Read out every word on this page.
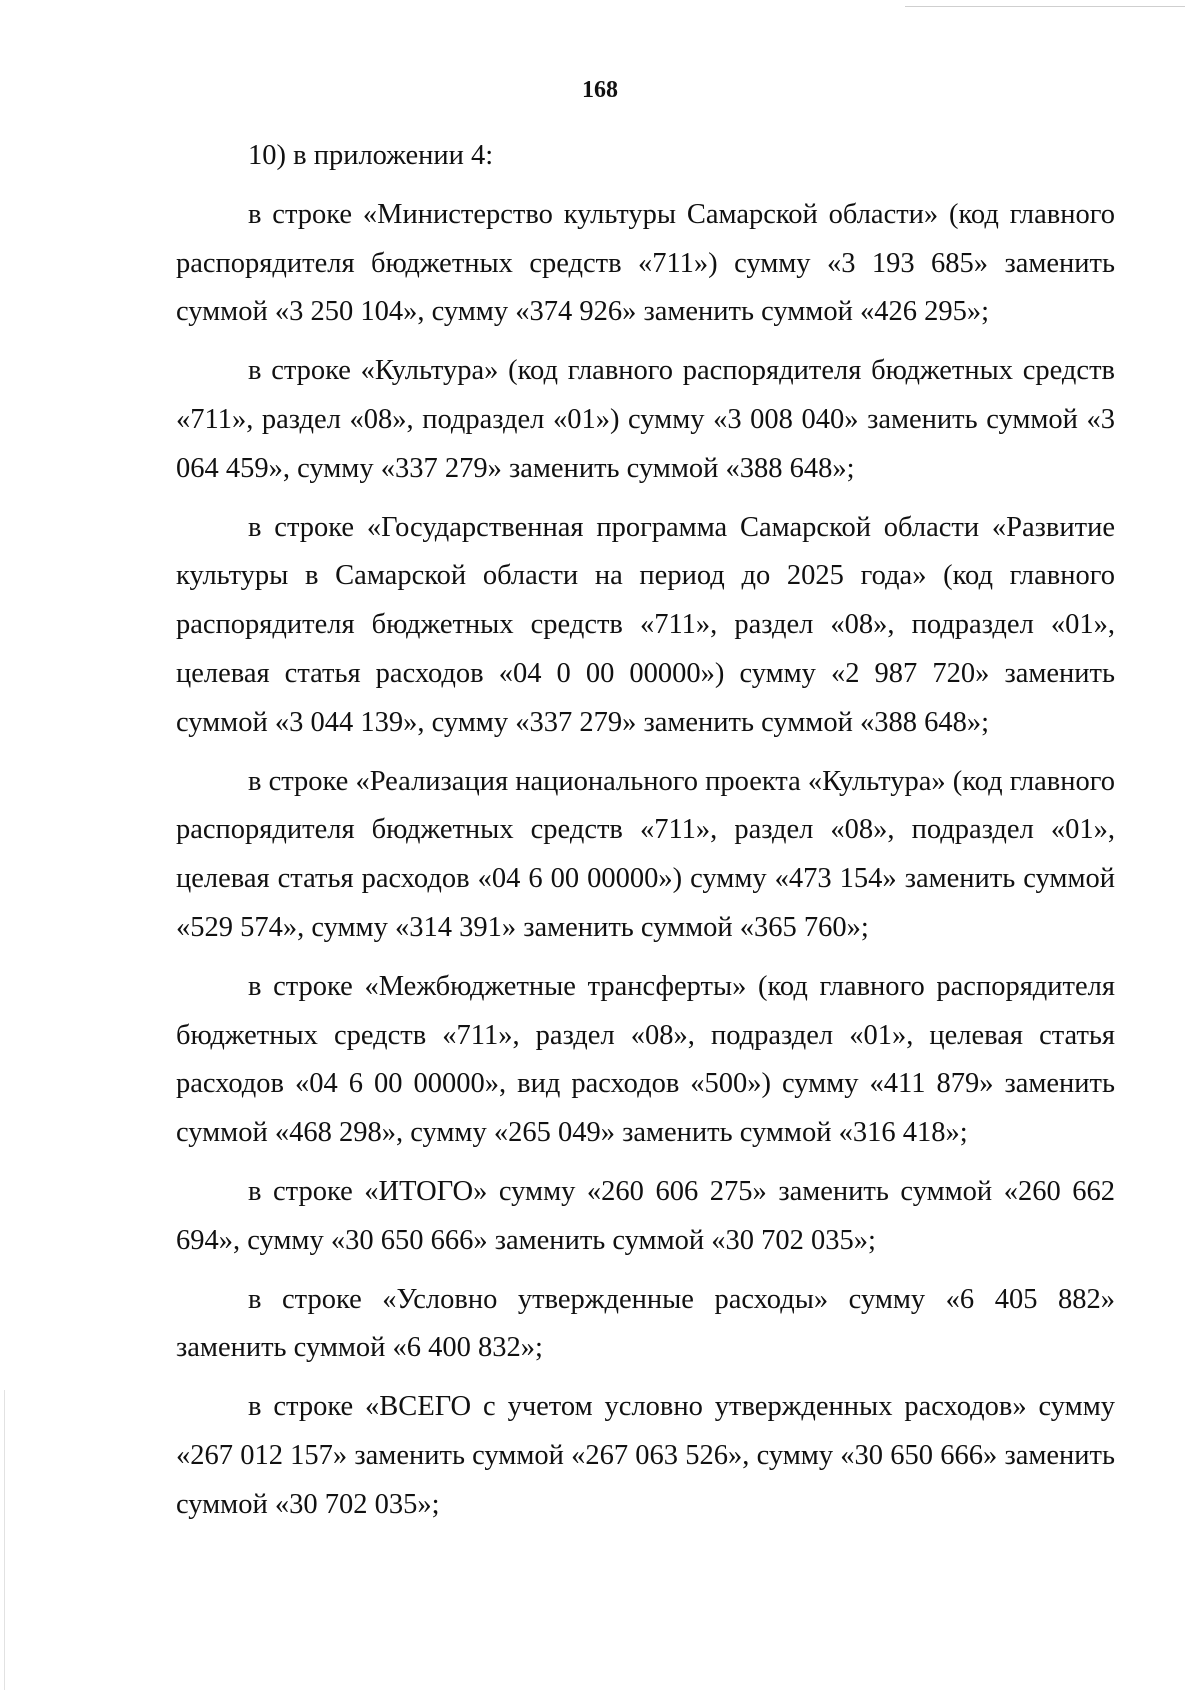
168

10) в приложении 4:

в строке «Министерство культуры Самарской области» (код главного распорядителя бюджетных средств «711») сумму «3 193 685» заменить суммой «3 250 104», сумму «374 926» заменить суммой «426 295»;

в строке «Культура» (код главного распорядителя бюджетных средств «711», раздел «08», подраздел «01») сумму «3 008 040» заменить суммой «3 064 459», сумму «337 279» заменить суммой «388 648»;

в строке «Государственная программа Самарской области «Развитие культуры в Самарской области на период до 2025 года» (код главного распорядителя бюджетных средств «711», раздел «08», подраздел «01», целевая статья расходов «04 0 00 00000») сумму «2 987 720» заменить суммой «3 044 139», сумму «337 279» заменить суммой «388 648»;

в строке «Реализация национального проекта «Культура» (код главного распорядителя бюджетных средств «711», раздел «08», подраздел «01», целевая статья расходов «04 6 00 00000») сумму «473 154» заменить суммой «529 574», сумму «314 391» заменить суммой «365 760»;

в строке «Межбюджетные трансферты» (код главного распорядителя бюджетных средств «711», раздел «08», подраздел «01», целевая статья расходов «04 6 00 00000», вид расходов «500») сумму «411 879» заменить суммой «468 298», сумму «265 049» заменить суммой «316 418»;

в строке «ИТОГО» сумму «260 606 275» заменить суммой «260 662 694», сумму «30 650 666» заменить суммой «30 702 035»;

в строке «Условно утвержденные расходы» сумму «6 405 882» заменить суммой «6 400 832»;

в строке «ВСЕГО с учетом условно утвержденных расходов» сумму «267 012 157» заменить суммой «267 063 526», сумму «30 650 666» заменить суммой «30 702 035»;
